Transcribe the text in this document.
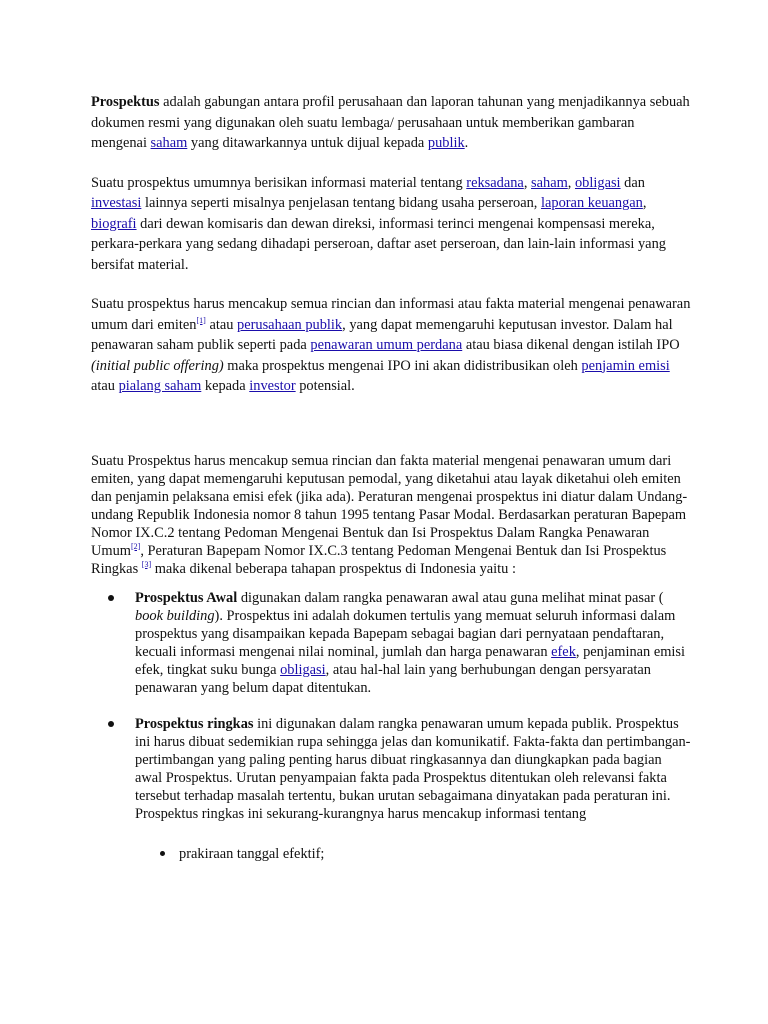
Prospektus adalah gabungan antara profil perusahaan dan laporan tahunan yang menjadikannya sebuah dokumen resmi yang digunakan oleh suatu lembaga/ perusahaan untuk memberikan gambaran mengenai saham yang ditawarkannya untuk dijual kepada publik.

Suatu prospektus umumnya berisikan informasi material tentang reksadana, saham, obligasi dan investasi lainnya seperti misalnya penjelasan tentang bidang usaha perseroan, laporan keuangan, biografi dari dewan komisaris dan dewan direksi, informasi terinci mengenai kompensasi mereka, perkara-perkara yang sedang dihadapi perseroan, daftar aset perseroan, dan lain-lain informasi yang bersifat material.

Suatu prospektus harus mencakup semua rincian dan informasi atau fakta material mengenai penawaran umum dari emiten[1] atau perusahaan publik, yang dapat memengaruhi keputusan investor. Dalam hal penawaran saham publik seperti pada penawaran umum perdana atau biasa dikenal dengan istilah IPO (initial public offering) maka prospektus mengenai IPO ini akan didistribusikan oleh penjamin emisi atau pialang saham kepada investor potensial.

Suatu Prospektus harus mencakup semua rincian dan fakta material mengenai penawaran umum dari emiten, yang dapat memengaruhi keputusan pemodal, yang diketahui atau layak diketahui oleh emiten dan penjamin pelaksana emisi efek (jika ada). Peraturan mengenai prospektus ini diatur dalam Undang-undang Republik Indonesia nomor 8 tahun 1995 tentang Pasar Modal. Berdasarkan peraturan Bapepam Nomor IX.C.2 tentang Pedoman Mengenai Bentuk dan Isi Prospektus Dalam Rangka Penawaran Umum[2], Peraturan Bapepam Nomor IX.C.3 tentang Pedoman Mengenai Bentuk dan Isi Prospektus Ringkas [3] maka dikenal beberapa tahapan prospektus di Indonesia yaitu :

Prospektus Awal digunakan dalam rangka penawaran awal atau guna melihat minat pasar ( book building). Prospektus ini adalah dokumen tertulis yang memuat seluruh informasi dalam prospektus yang disampaikan kepada Bapepam sebagai bagian dari pernyataan pendaftaran, kecuali informasi mengenai nilai nominal, jumlah dan harga penawaran efek, penjaminan emisi efek, tingkat suku bunga obligasi, atau hal-hal lain yang berhubungan dengan persyaratan penawaran yang belum dapat ditentukan.
Prospektus ringkas ini digunakan dalam rangka penawaran umum kepada publik. Prospektus ini harus dibuat sedemikian rupa sehingga jelas dan komunikatif. Fakta-fakta dan pertimbangan-pertimbangan yang paling penting harus dibuat ringkasannya dan diungkapkan pada bagian awal Prospektus. Urutan penyampaian fakta pada Prospektus ditentukan oleh relevansi fakta tersebut terhadap masalah tertentu, bukan urutan sebagaimana dinyatakan pada peraturan ini. Prospektus ringkas ini sekurang-kurangnya harus mencakup informasi tentang
prakiraan tanggal efektif;
